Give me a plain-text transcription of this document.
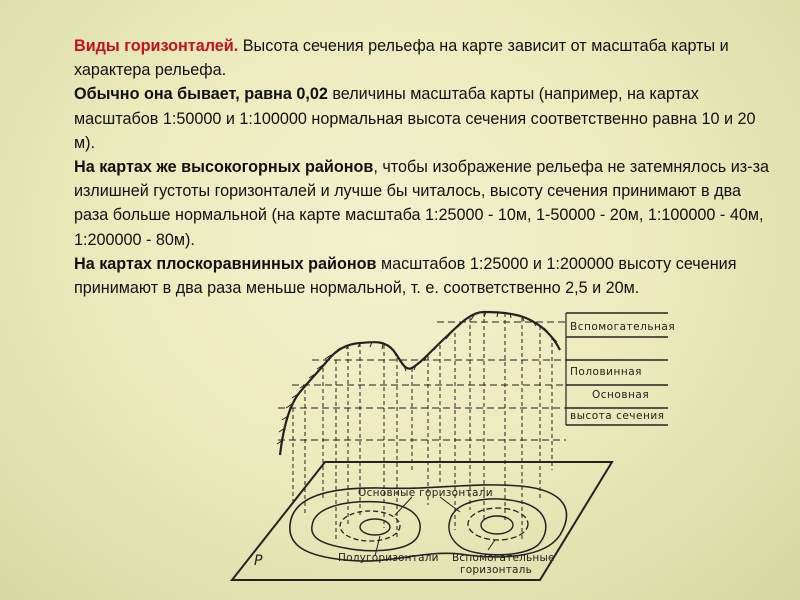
Виды горизонталей. Высота сечения рельефа на карте зависит от масштаба карты и характера рельефа.

Обычно она бывает, равна 0,02 величины масштаба карты (например, на картах масштабов 1:50000 и 1:100000 нормальная высота сечения соответственно равна 10 и 20 м).

На картах же высокогорных районов, чтобы изображение рельефа не затемнялось из-за излишней густоты горизонталей и лучше бы читалось, высоту сечения принимают в два раза больше нормальной (на карте масштаба 1:25000 - 10м, 1-50000 - 20м, 1:100000 - 40м, 1:200000 - 80м).

На картах плоскоравнинных районов масштабов 1:25000 и 1:200000 высоту сечения принимают в два раза меньше нормальной, т. е. соответственно 2,5 и 20м.

Вспомогательная
Половинная
Основная
высота сечения
Основные горизонтали
Полугоризонтали Вспомогательные
горизонталь
P
